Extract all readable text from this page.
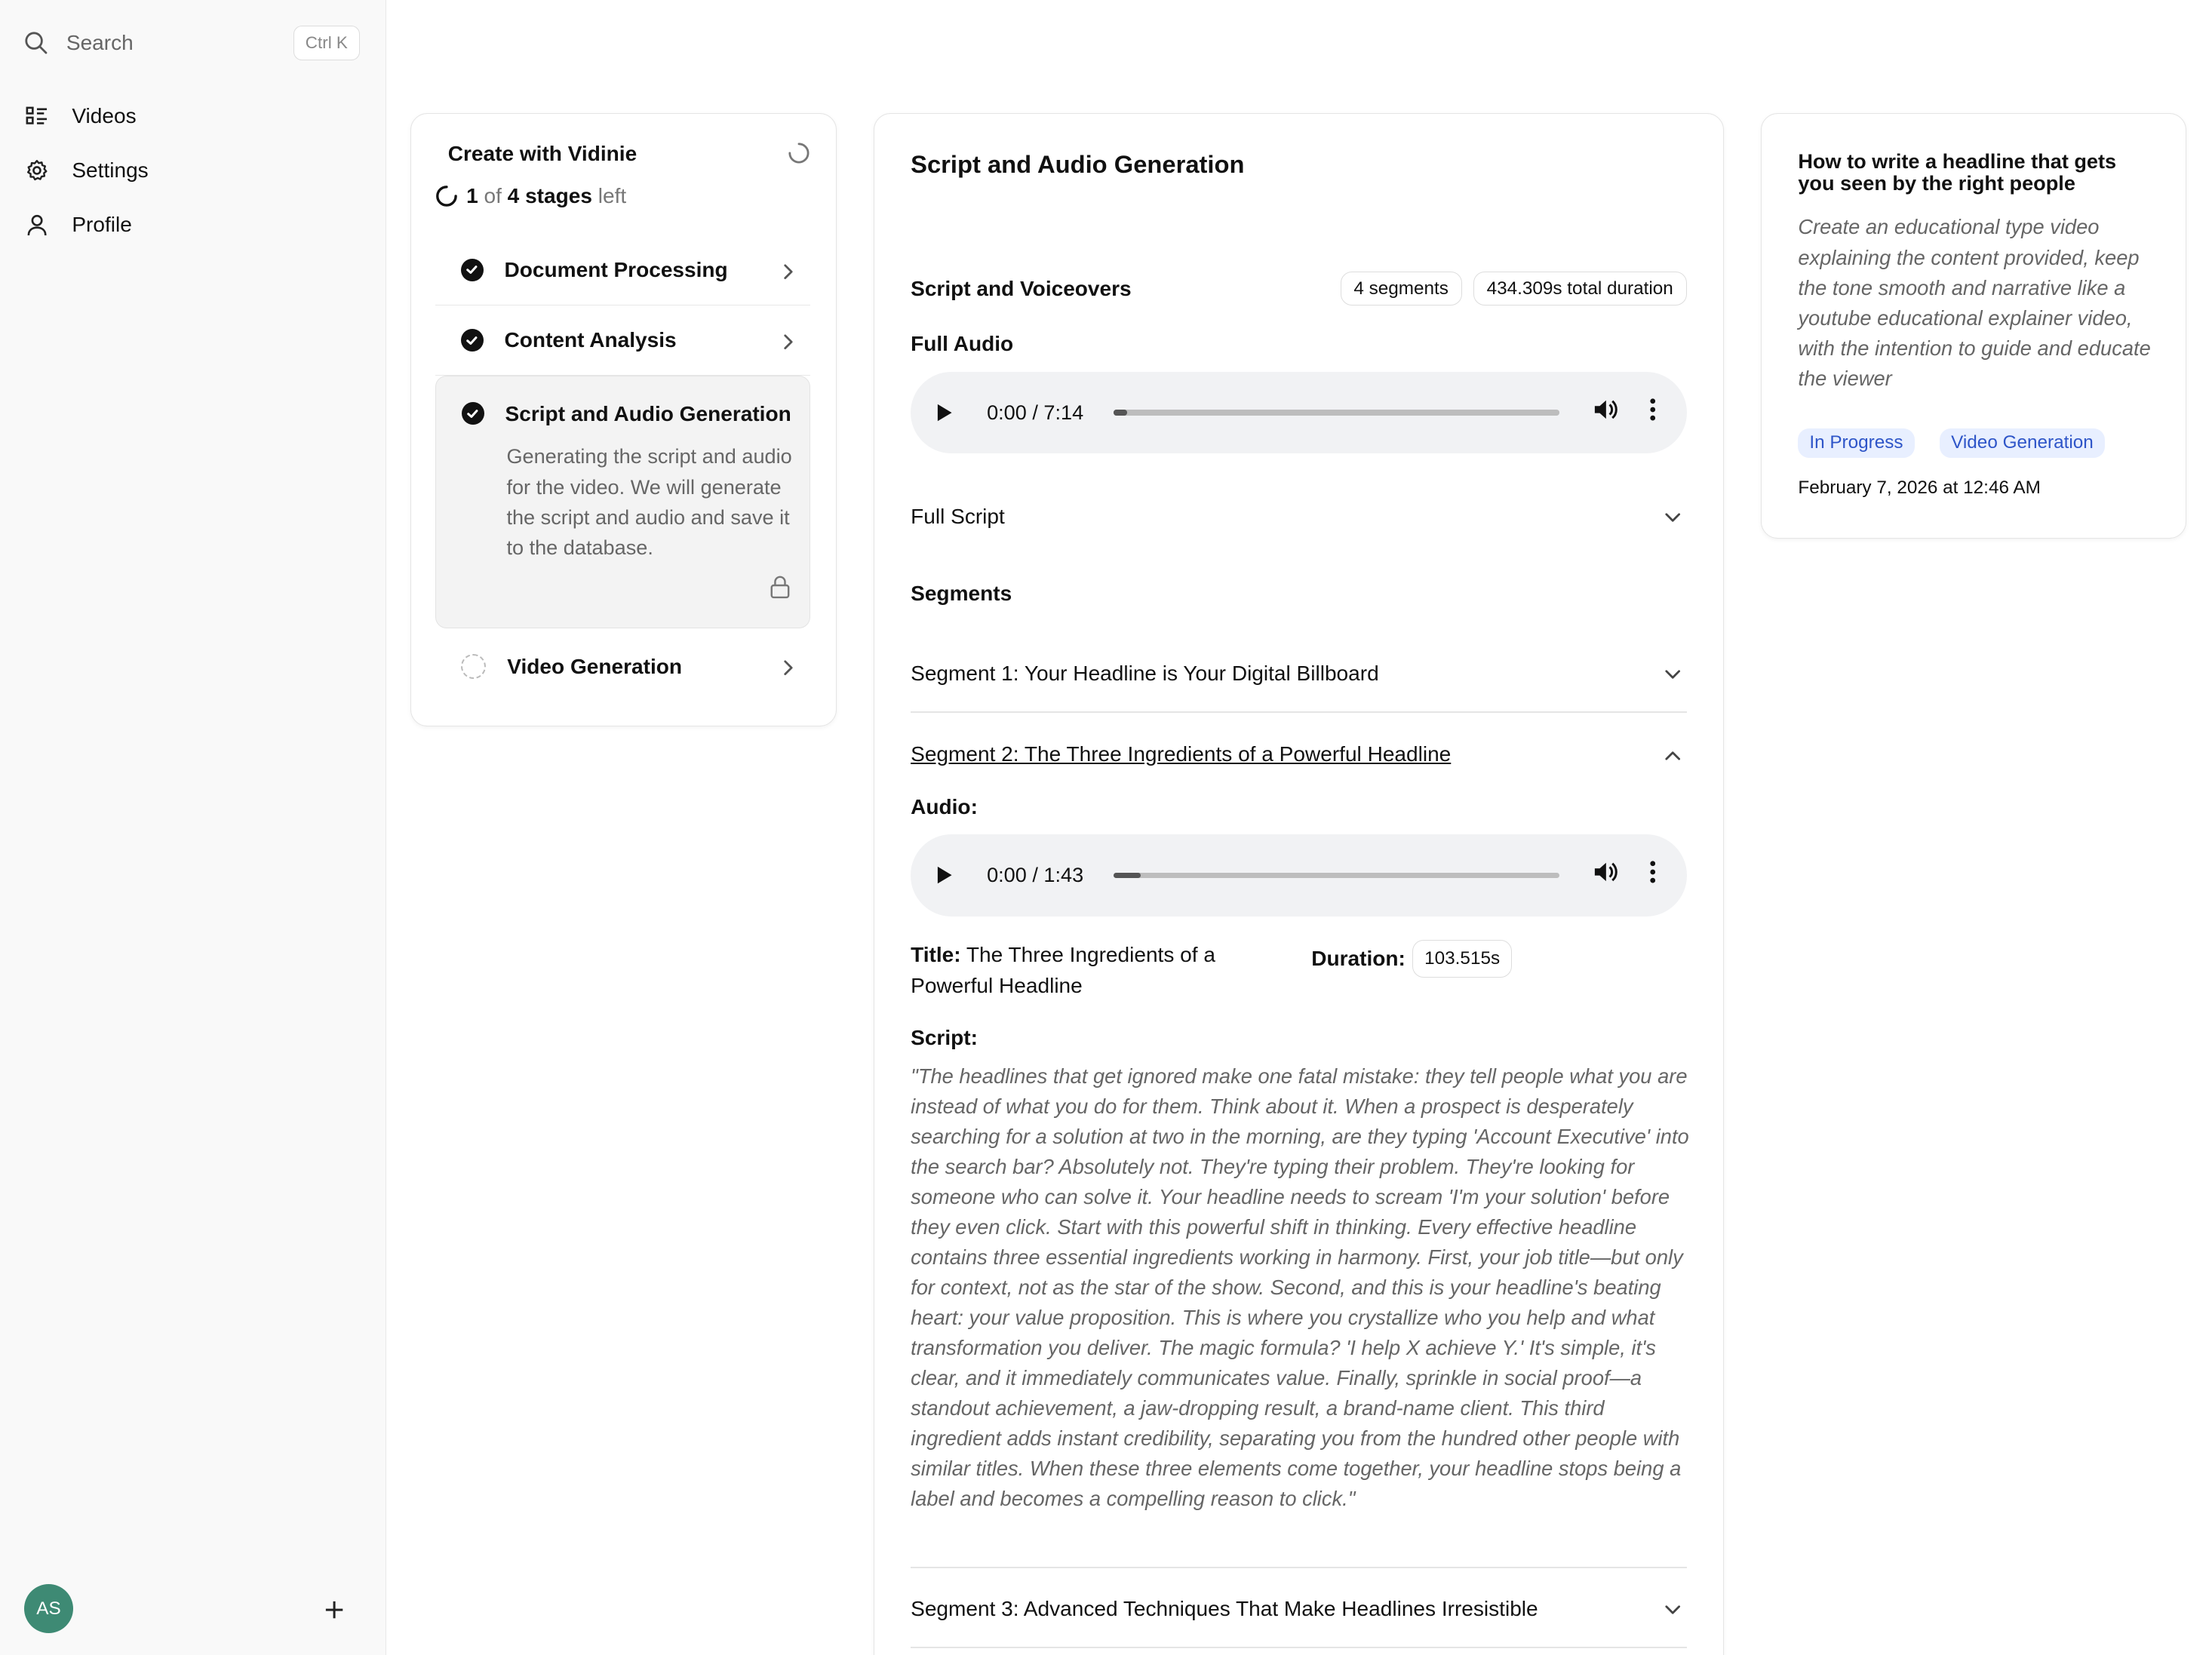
Search	Ctrl K
Videos
Settings
Profile
AS
Create with Vidinie
1
of
4 stages
left
Document Processing
Content Analysis
Script and Audio Generation
Generating the script and audio for the video. We will generate the script and audio and save it to the database.
Video Generation
Script and Audio Generation
Script and Voiceovers	4 segments	434.309s total duration
Full Audio
0:00 / 7:14
Full Script
Segments
Segment 1: Your Headline is Your Digital Billboard
Segment 2: The Three Ingredients of a Powerful Headline
Audio:
0:00 / 1:43
Title: The Three Ingredients of a Powerful Headline
Duration:	103.515s
Script:
"The headlines that get ignored make one fatal mistake: they tell people what you are instead of what you do for them. Think about it. When a prospect is desperately searching for a solution at two in the morning, are they typing 'Account Executive' into the search bar? Absolutely not. They're typing their problem. They're looking for someone who can solve it. Your headline needs to scream 'I'm your solution' before they even click. Start with this powerful shift in thinking. Every effective headline contains three essential ingredients working in harmony. First, your job title—but only for context, not as the star of the show. Second, and this is your headline's beating heart: your value proposition. This is where you crystallize who you help and what transformation you deliver. The magic formula? 'I help X achieve Y.' It's simple, it's clear, and it immediately communicates value. Finally, sprinkle in social proof—a standout achievement, a jaw-dropping result, a brand-name client. This third ingredient adds instant credibility, separating you from the hundred other people with similar titles. When these three elements come together, your headline stops being a label and becomes a compelling reason to click."
Segment 3: Advanced Techniques That Make Headlines Irresistible
How to write a headline that gets you seen by the right people
Create an educational type video explaining the content provided, keep the tone smooth and narrative like a youtube educational explainer video, with the intention to guide and educate the viewer
In Progress	Video Generation
February 7, 2026 at 12:46 AM
